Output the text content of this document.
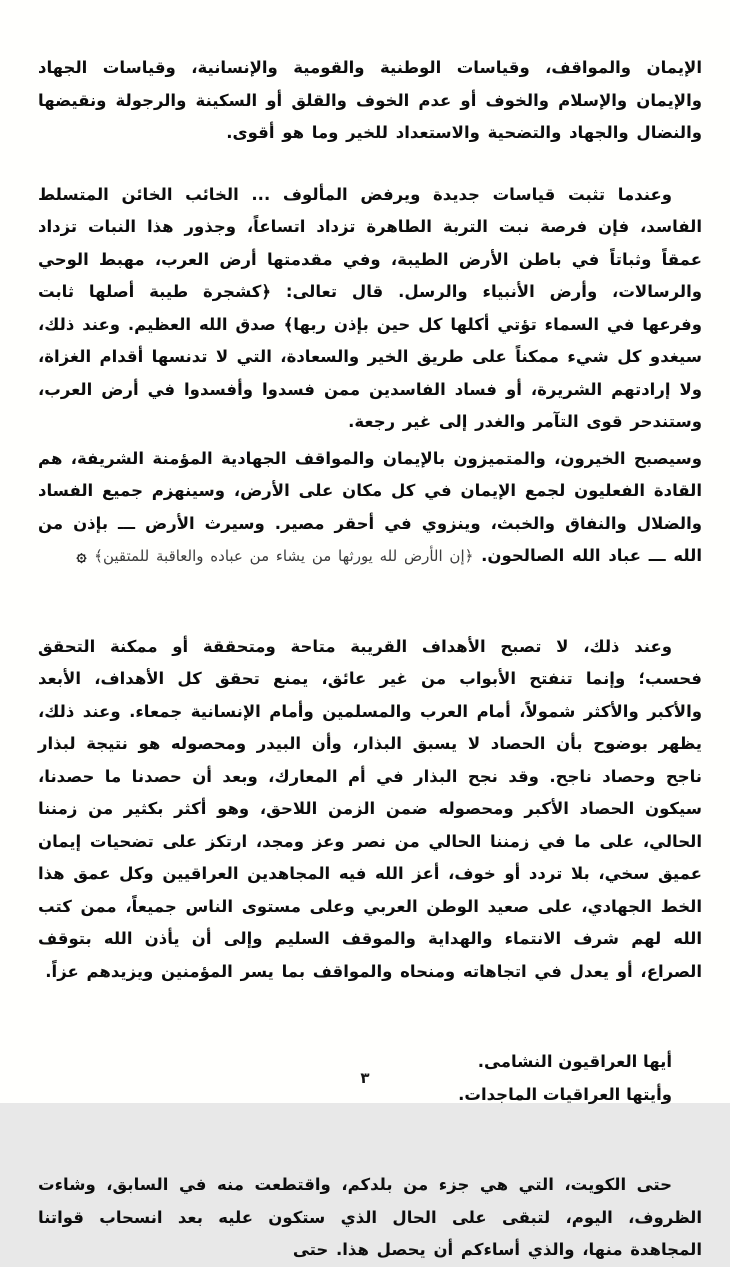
الإيمان والمواقف، وقياسات الوطنية والقومية والإنسانية، وقياسات الجهاد والإيمان والإسلام والخوف أو عدم الخوف والقلق أو السكينة والرجولة ونقيضها والنضال والجهاد والتضحية والاستعداد للخير وما هو أقوى.

وعندما تثبت قياسات جديدة ويرفض المألوف ... الخائب الخائن المتسلط الفاسد، فإن فرصة نبت التربة الطاهرة تزداد اتساعاً، وجذور هذا النبات تزداد عمقاً وثباتاً في باطن الأرض الطيبة، وفي مقدمتها أرض العرب، مهبط الوحي والرسالات، وأرض الأنبياء والرسل. قال تعالى: ﴿كشجرة طيبة أصلها ثابت وفرعها في السماء تؤتي أكلها كل حين بإذن ربها﴾ صدق الله العظيم. وعند ذلك، سيغدو كل شيء ممكناً على طريق الخير والسعادة، التي لا تدنسها أقدام الغزاة، ولا إرادتهم الشريرة، أو فساد الفاسدين ممن فسدوا وأفسدوا في أرض العرب، وستندحر قوى التآمر والغدر إلى غير رجعة.

وسيصبح الخيرون، والمتميزون بالإيمان والمواقف الجهادية المؤمنة الشريفة، هم القادة الفعليون لجمع الإيمان في كل مكان على الأرض، وسينهزم جميع الفساد والضلال والنفاق والخبث، وينزوي في أحقر مصير. وسيرث الأرض ـــ بإذن من الله ـــ عباد الله الصالحون. ﴿إن الأرض لله يورثها من يشاء من عباده والعاقبة للمتقين﴾ ۞

وعند ذلك، لا تصبح الأهداف القريبة متاحة ومتحققة أو ممكنة التحقق فحسب؛ وإنما تنفتح الأبواب من غير عائق، يمنع تحقق كل الأهداف، الأبعد والأكبر والأكثر شمولاً، أمام العرب والمسلمين وأمام الإنسانية جمعاء. وعند ذلك، يظهر بوضوح بأن الحصاد لا يسبق البذار، وأن البيدر ومحصوله هو نتيجة لبذار ناجح وحصاد ناجح. وقد نجح البذار في أم المعارك، وبعد أن حصدنا ما حصدنا، سيكون الحصاد الأكبر ومحصوله ضمن الزمن اللاحق، وهو أكثر بكثير من زمننا الحالي، على ما في زمننا الحالي من نصر وعز ومجد، ارتكز على تضحيات إيمان عميق سخي، بلا تردد أو خوف، أعز الله فيه المجاهدين العراقيين وكل عمق هذا الخط الجهادي، على صعيد الوطن العربي وعلى مستوى الناس جميعاً، ممن كتب الله لهم شرف الانتماء والهداية والموقف السليم وإلى أن يأذن الله بتوقف الصراع، أو يعدل في اتجاهاته ومنحاه والمواقف بما يسر المؤمنين ويزيدهم عزاً.

أيها العراقيون النشامى.

وأيتها العراقيات الماجدات.

حتى الكويت، التي هي جزء من بلدكم، واقتطعت منه في السابق، وشاءت الظروف، اليوم، لتبقى على الحال الذي ستكون عليه بعد انسحاب قواتنا المجاهدة منها، والذي أساءكم أن يحصل هذا. حتى

٣
